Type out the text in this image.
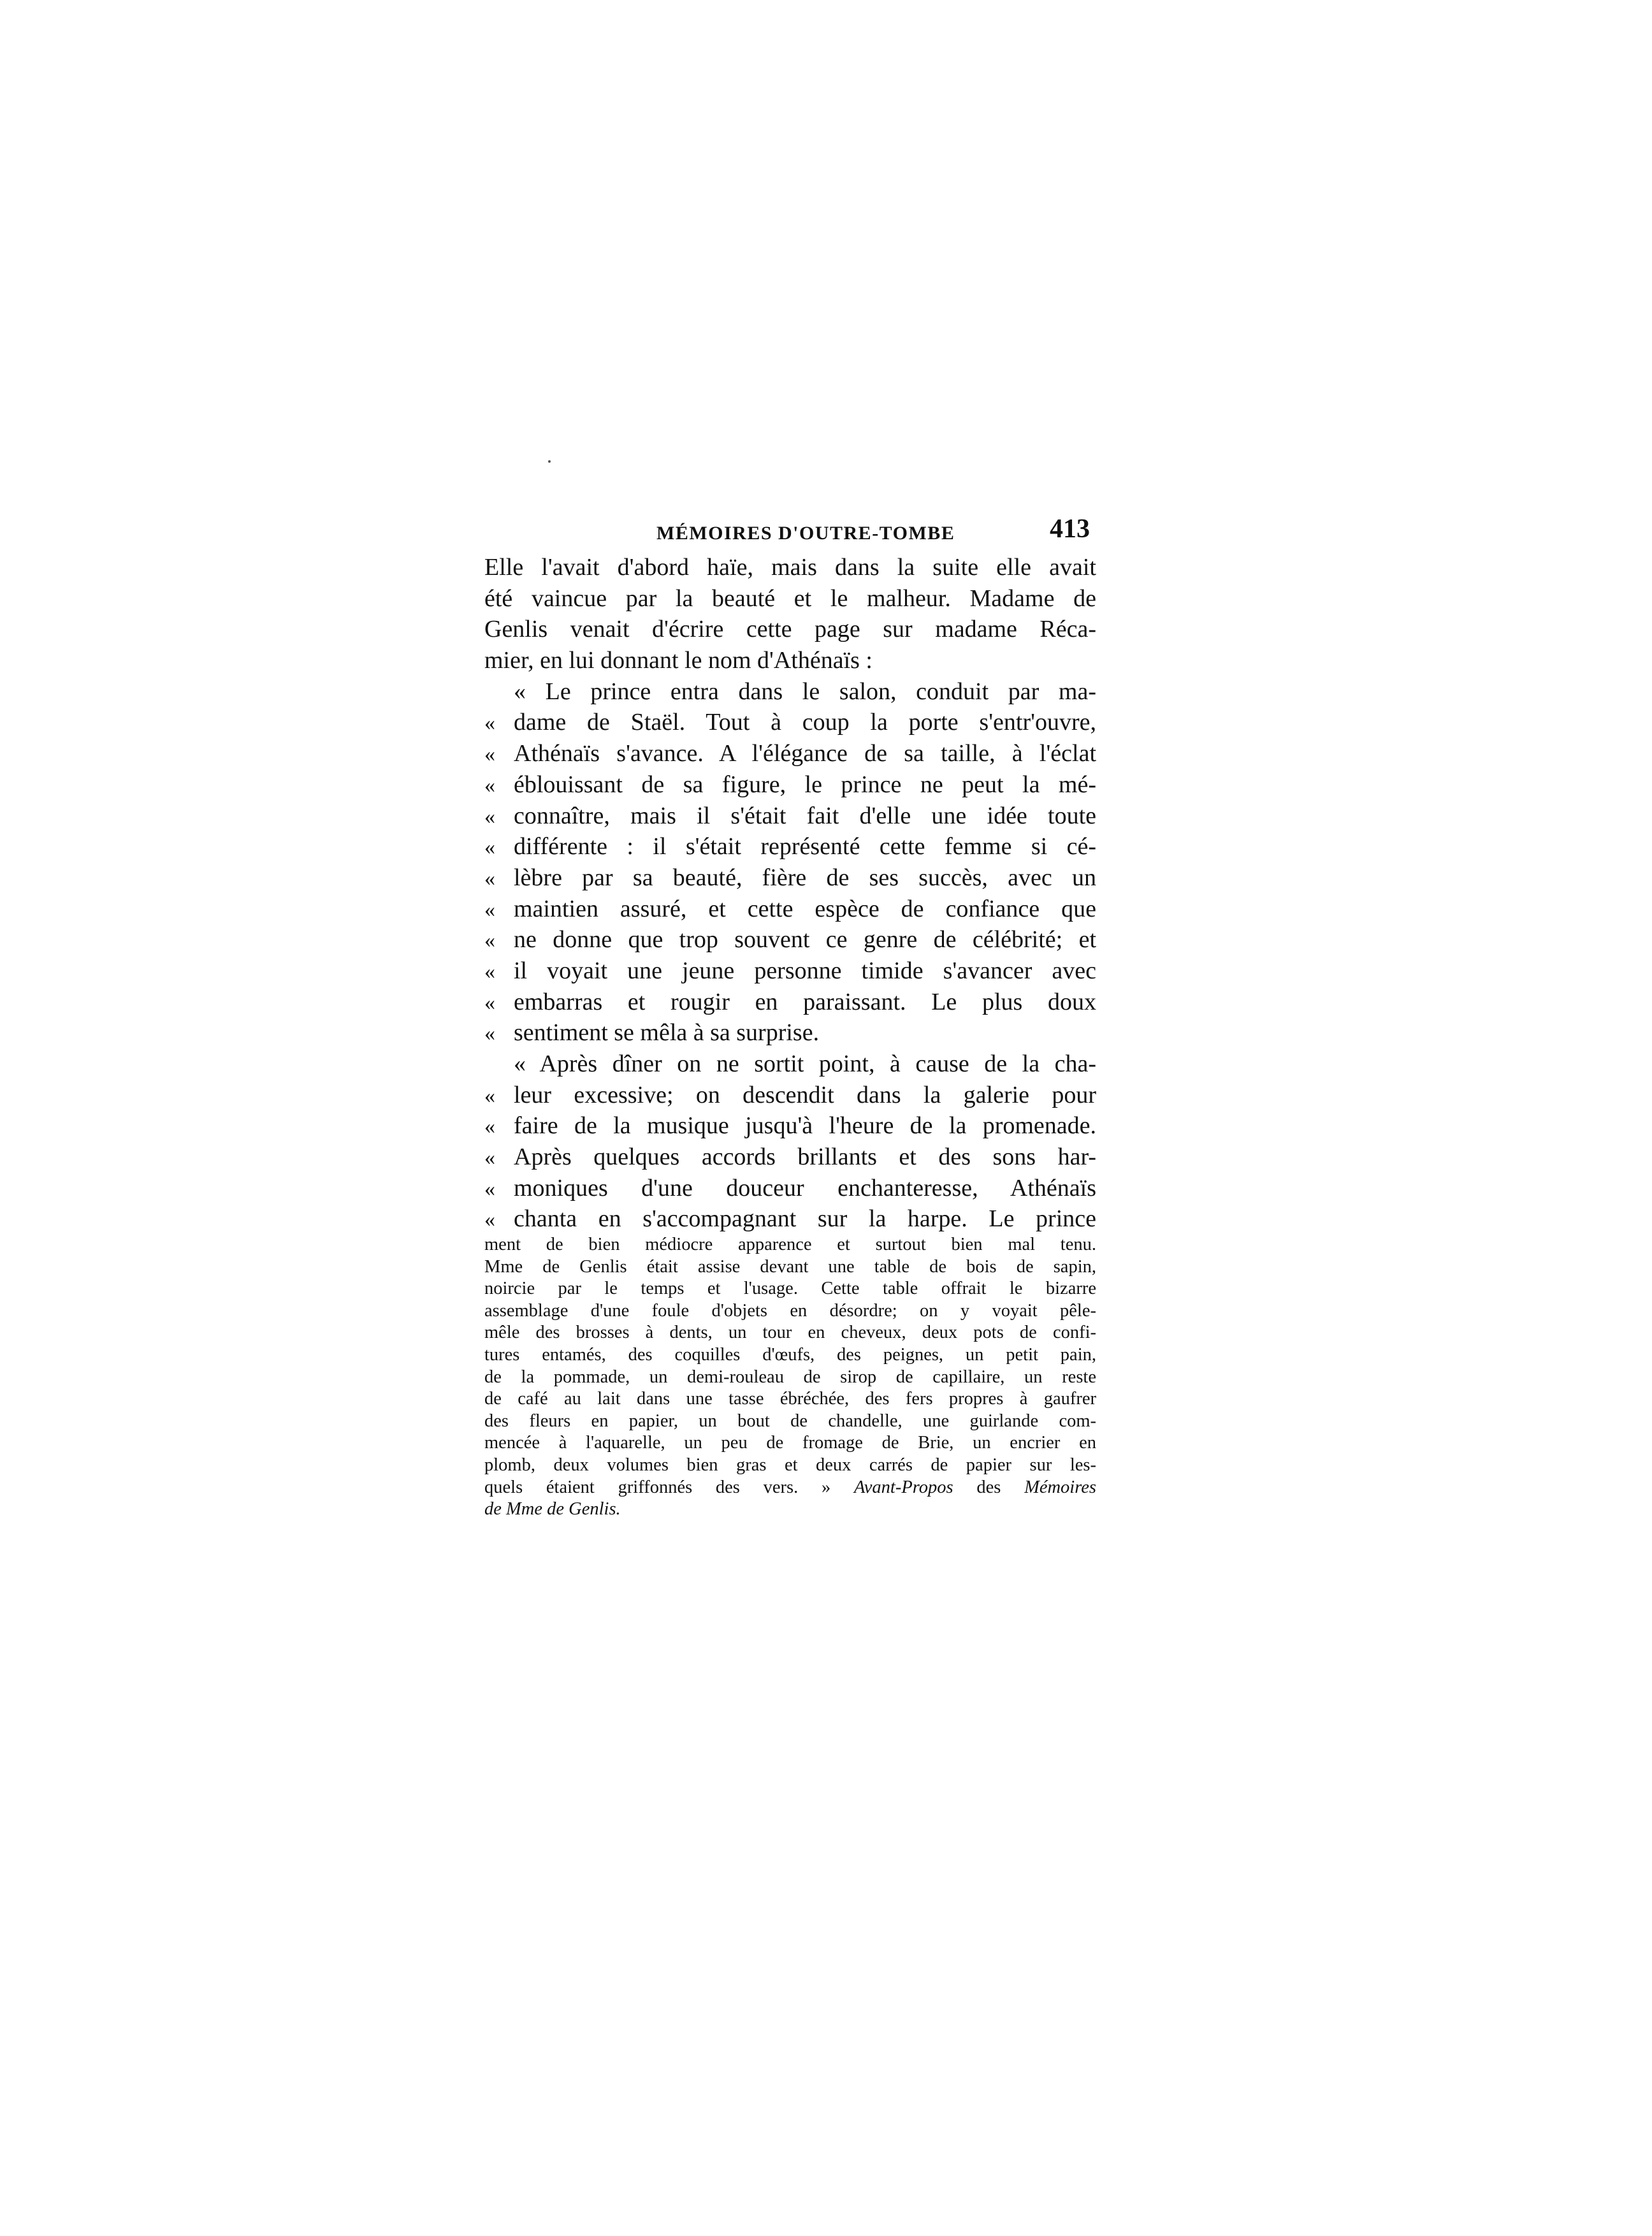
MÉMOIRES D'OUTRE-TOMBE	413
Elle l'avait d'abord haïe, mais dans la suite elle avait
été vaincue par la beauté et le malheur. Madame de
Genlis venait d'écrire cette page sur madame Réca-
mier, en lui donnant le nom d'Athénaïs :
« Le prince entra dans le salon, conduit par ma-
« dame de Staël. Tout à coup la porte s'entr'ouvre,
« Athénaïs s'avance. A l'élégance de sa taille, à l'éclat
« éblouissant de sa figure, le prince ne peut la mé-
« connaître, mais il s'était fait d'elle une idée toute
« différente : il s'était représenté cette femme si cé-
« lèbre par sa beauté, fière de ses succès, avec un
« maintien assuré, et cette espèce de confiance que
« ne donne que trop souvent ce genre de célébrité; et
« il voyait une jeune personne timide s'avancer avec
« embarras et rougir en paraissant. Le plus doux
« sentiment se mêla à sa surprise.
« Après dîner on ne sortit point, à cause de la cha-
« leur excessive; on descendit dans la galerie pour
« faire de la musique jusqu'à l'heure de la promenade.
« Après quelques accords brillants et des sons har-
« moniques d'une douceur enchanteresse, Athénaïs
« chanta en s'accompagnant sur la harpe. Le prince
ment de bien médiocre apparence et surtout bien mal tenu.
Mme de Genlis était assise devant une table de bois de sapin,
noircie par le temps et l'usage. Cette table offrait le bizarre
assemblage d'une foule d'objets en désordre; on y voyait pêle-
mêle des brosses à dents, un tour en cheveux, deux pots de confi-
tures entamés, des coquilles d'œufs, des peignes, un petit pain,
de la pommade, un demi-rouleau de sirop de capillaire, un reste
de café au lait dans une tasse ébréchée, des fers propres à gaufrer
des fleurs en papier, un bout de chandelle, une guirlande com-
mencée à l'aquarelle, un peu de fromage de Brie, un encrier en
plomb, deux volumes bien gras et deux carrés de papier sur les-
quels étaient griffonnés des vers. » Avant-Propos des Mémoires
de Mme de Genlis.
